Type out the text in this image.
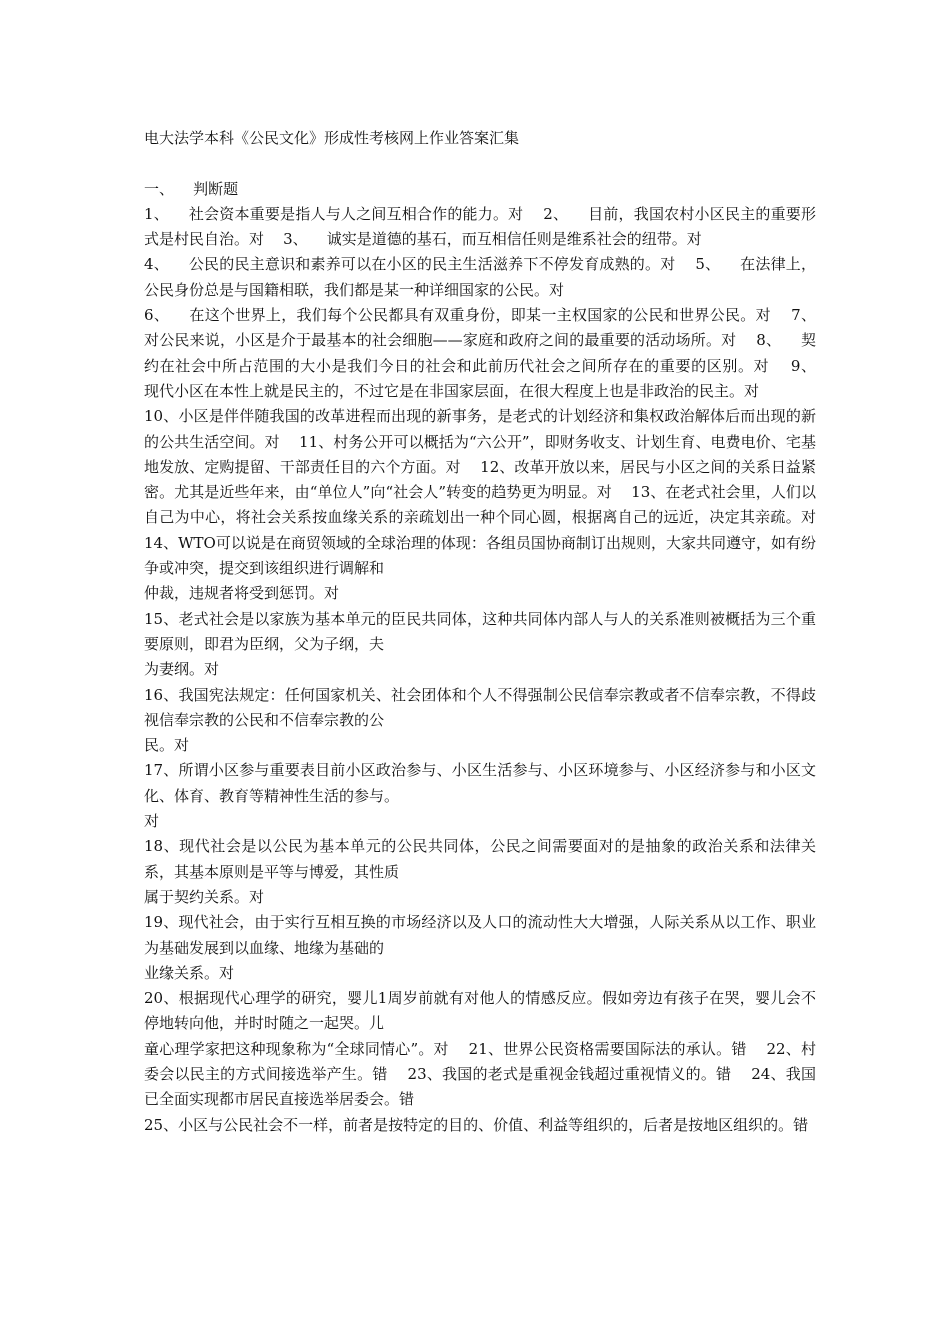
电大法学本科《公民文化》形成性考核网上作业答案汇集

一、    判断题

1、    社会资本重要是指人与人之间互相合作的能力。对    2、    目前，我国农村小区民主的重要形式是村民自治。对    3、    诚实是道德的基石，而互相信任则是维系社会的纽带。对

4、    公民的民主意识和素养可以在小区的民主生活滋养下不停发育成熟的。对    5、    在法律上，公民身份总是与国籍相联，我们都是某一种详细国家的公民。对

6、    在这个世界上，我们每个公民都具有双重身份，即某一主权国家的公民和世界公民。对    7、    对公民来说，小区是介于最基本的社会细胞——家庭和政府之间的最重要的活动场所。对    8、    契约在社会中所占范围的大小是我们今日的社会和此前历代社会之间所存在的重要的区别。对    9、    现代小区在本性上就是民主的，不过它是在非国家层面，在很大程度上也是非政治的民主。对

10、小区是伴伴随我国的改革进程而出现的新事务，是老式的计划经济和集权政治解体后而出现的新的公共生活空间。对    11、村务公开可以概括为“六公开”，即财务收支、计划生育、电费电价、宅基地发放、定购提留、干部责任目的六个方面。对    12、改革开放以来，居民与小区之间的关系日益紧密。尤其是近些年来，由“单位人”向“社会人”转变的趋势更为明显。对    13、在老式社会里，人们以自己为中心，将社会关系按血缘关系的亲疏划出一种个同心圆，根据离自己的远近，决定其亲疏。对    14、WTO可以说是在商贸领域的全球治理的体现：各组员国协商制订出规则，大家共同遵守，如有纷争或冲突，提交到该组织进行调解和
仲裁，违规者将受到惩罚。对

15、老式社会是以家族为基本单元的臣民共同体，这种共同体内部人与人的关系准则被概括为三个重要原则，即君为臣纲，父为子纲，夫
为妻纲。对

16、我国宪法规定：任何国家机关、社会团体和个人不得强制公民信奉宗教或者不信奉宗教，不得歧视信奉宗教的公民和不信奉宗教的公
民。对

17、所谓小区参与重要表目前小区政治参与、小区生活参与、小区环境参与、小区经济参与和小区文化、体育、教育等精神性生活的参与。
对

18、现代社会是以公民为基本单元的公民共同体，公民之间需要面对的是抽象的政治关系和法律关系，其基本原则是平等与博爱，其性质
属于契约关系。对

19、现代社会，由于实行互相互换的市场经济以及人口的流动性大大增强，人际关系从以工作、职业为基础发展到以血缘、地缘为基础的
业缘关系。对

20、根据现代心理学的研究，婴儿1周岁前就有对他人的情感反应。假如旁边有孩子在哭，婴儿会不停地转向他，并时时随之一起哭。儿
童心理学家把这种现象称为“全球同情心”。对    21、世界公民资格需要国际法的承认。错    22、村委会以民主的方式间接选举产生。错    23、我国的老式是重视金钱超过重视情义的。错    24、我国已全面实现都市居民直接选举居委会。错

25、小区与公民社会不一样，前者是按特定的目的、价值、利益等组织的，后者是按地区组织的。错
